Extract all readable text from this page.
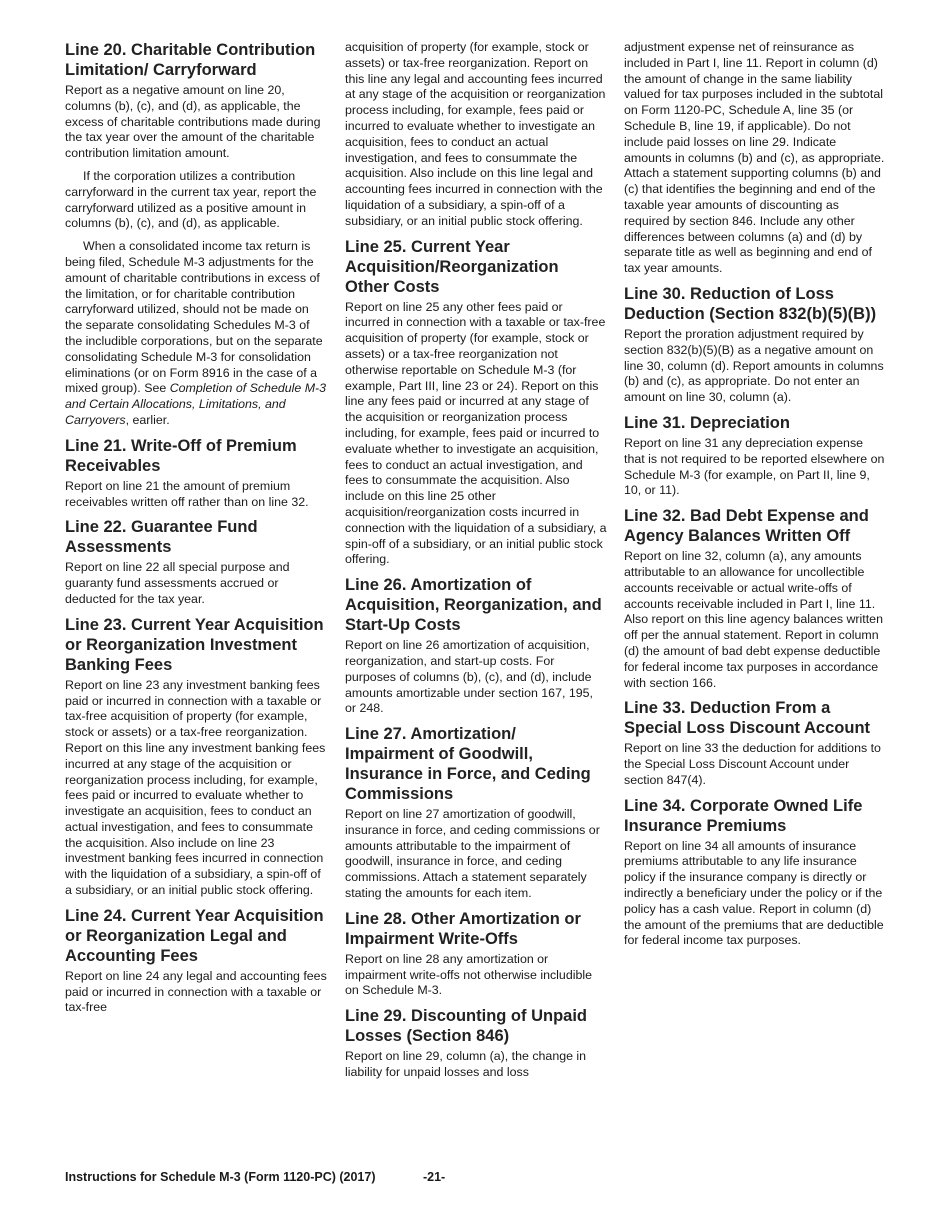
Line 20. Charitable Contribution Limitation/ Carryforward

Report as a negative amount on line 20, columns (b), (c), and (d), as applicable, the excess of charitable contributions made during the tax year over the amount of the charitable contribution limitation amount.

If the corporation utilizes a contribution carryforward in the current tax year, report the carryforward utilized as a positive amount in columns (b), (c), and (d), as applicable.

When a consolidated income tax return is being filed, Schedule M-3 adjustments for the amount of charitable contributions in excess of the limitation, or for charitable contribution carryforward utilized, should not be made on the separate consolidating Schedules M-3 of the includible corporations, but on the separate consolidating Schedule M-3 for consolidation eliminations (or on Form 8916 in the case of a mixed group). See Completion of Schedule M-3 and Certain Allocations, Limitations, and Carryovers, earlier.

Line 21. Write-Off of Premium Receivables

Report on line 21 the amount of premium receivables written off rather than on line 32.

Line 22. Guarantee Fund Assessments

Report on line 22 all special purpose and guaranty fund assessments accrued or deducted for the tax year.

Line 23. Current Year Acquisition or Reorganization Investment Banking Fees

Report on line 23 any investment banking fees paid or incurred in connection with a taxable or tax-free acquisition of property (for example, stock or assets) or a tax-free reorganization. Report on this line any investment banking fees incurred at any stage of the acquisition or reorganization process including, for example, fees paid or incurred to evaluate whether to investigate an acquisition, fees to conduct an actual investigation, and fees to consummate the acquisition. Also include on line 23 investment banking fees incurred in connection with the liquidation of a subsidiary, a spin-off of a subsidiary, or an initial public stock offering.

Line 24. Current Year Acquisition or Reorganization Legal and Accounting Fees

Report on line 24 any legal and accounting fees paid or incurred in connection with a taxable or tax-free

acquisition of property (for example, stock or assets) or tax-free reorganization. Report on this line any legal and accounting fees incurred at any stage of the acquisition or reorganization process including, for example, fees paid or incurred to evaluate whether to investigate an acquisition, fees to conduct an actual investigation, and fees to consummate the acquisition. Also include on this line legal and accounting fees incurred in connection with the liquidation of a subsidiary, a spin-off of a subsidiary, or an initial public stock offering.

Line 25. Current Year Acquisition/Reorganization Other Costs

Report on line 25 any other fees paid or incurred in connection with a taxable or tax-free acquisition of property (for example, stock or assets) or a tax-free reorganization not otherwise reportable on Schedule M-3 (for example, Part III, line 23 or 24). Report on this line any fees paid or incurred at any stage of the acquisition or reorganization process including, for example, fees paid or incurred to evaluate whether to investigate an acquisition, fees to conduct an actual investigation, and fees to consummate the acquisition. Also include on this line 25 other acquisition/reorganization costs incurred in connection with the liquidation of a subsidiary, a spin-off of a subsidiary, or an initial public stock offering.

Line 26. Amortization of Acquisition, Reorganization, and Start-Up Costs

Report on line 26 amortization of acquisition, reorganization, and start-up costs. For purposes of columns (b), (c), and (d), include amounts amortizable under section 167, 195, or 248.

Line 27. Amortization/ Impairment of Goodwill, Insurance in Force, and Ceding Commissions

Report on line 27 amortization of goodwill, insurance in force, and ceding commissions or amounts attributable to the impairment of goodwill, insurance in force, and ceding commissions. Attach a statement separately stating the amounts for each item.

Line 28. Other Amortization or Impairment Write-Offs

Report on line 28 any amortization or impairment write-offs not otherwise includible on Schedule M-3.

Line 29. Discounting of Unpaid Losses (Section 846)

Report on line 29, column (a), the change in liability for unpaid losses and loss

adjustment expense net of reinsurance as included in Part I, line 11. Report in column (d) the amount of change in the same liability valued for tax purposes included in the subtotal on Form 1120-PC, Schedule A, line 35 (or Schedule B, line 19, if applicable). Do not include paid losses on line 29. Indicate amounts in columns (b) and (c), as appropriate. Attach a statement supporting columns (b) and (c) that identifies the beginning and end of the taxable year amounts of discounting as required by section 846. Include any other differences between columns (a) and (d) by separate title as well as beginning and end of tax year amounts.

Line 30. Reduction of Loss Deduction (Section 832(b)(5)(B))

Report the proration adjustment required by section 832(b)(5)(B) as a negative amount on line 30, column (d). Report amounts in columns (b) and (c), as appropriate. Do not enter an amount on line 30, column (a).

Line 31. Depreciation

Report on line 31 any depreciation expense that is not required to be reported elsewhere on Schedule M-3 (for example, on Part II, line 9, 10, or 11).

Line 32. Bad Debt Expense and Agency Balances Written Off

Report on line 32, column (a), any amounts attributable to an allowance for uncollectible accounts receivable or actual write-offs of accounts receivable included in Part I, line 11. Also report on this line agency balances written off per the annual statement. Report in column (d) the amount of bad debt expense deductible for federal income tax purposes in accordance with section 166.

Line 33. Deduction From a Special Loss Discount Account

Report on line 33 the deduction for additions to the Special Loss Discount Account under section 847(4).

Line 34. Corporate Owned Life Insurance Premiums

Report on line 34 all amounts of insurance premiums attributable to any life insurance policy if the insurance company is directly or indirectly a beneficiary under the policy or if the policy has a cash value. Report in column (d) the amount of the premiums that are deductible for federal income tax purposes.

Instructions for Schedule M-3 (Form 1120-PC) (2017)	-21-
